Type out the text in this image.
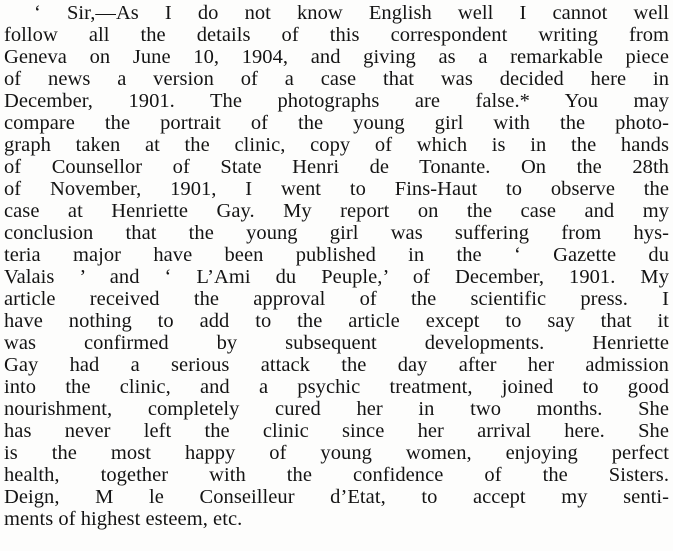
‘ Sir,—As I do not know English well I cannot well
follow all the details of this correspondent writing from
Geneva on June 10, 1904, and giving as a remarkable piece
of news a version of a case that was decided here in
December, 1901. The photographs are false.* You may
compare the portrait of the young girl with the photo-
graph taken at the clinic, copy of which is in the hands
of Counsellor of State Henri de Tonante. On the 28th
of November, 1901, I went to Fins-Haut to observe the
case at Henriette Gay. My report on the case and my
conclusion that the young girl was suffering from hys-
teria major have been published in the ‘ Gazette du
Valais ’ and ‘ L’Ami du Peuple,’ of December, 1901. My
article received the approval of the scientific press. I
have nothing to add to the article except to say that it
was confirmed by subsequent developments. Henriette
Gay had a serious attack the day after her admission
into the clinic, and a psychic treatment, joined to good
nourishment, completely cured her in two months. She
has never left the clinic since her arrival here. She
is the most happy of young women, enjoying perfect
health, together with the confidence of the Sisters.
Deign, M le Conseilleur d’Etat, to accept my senti-
ments of highest esteem, etc.
